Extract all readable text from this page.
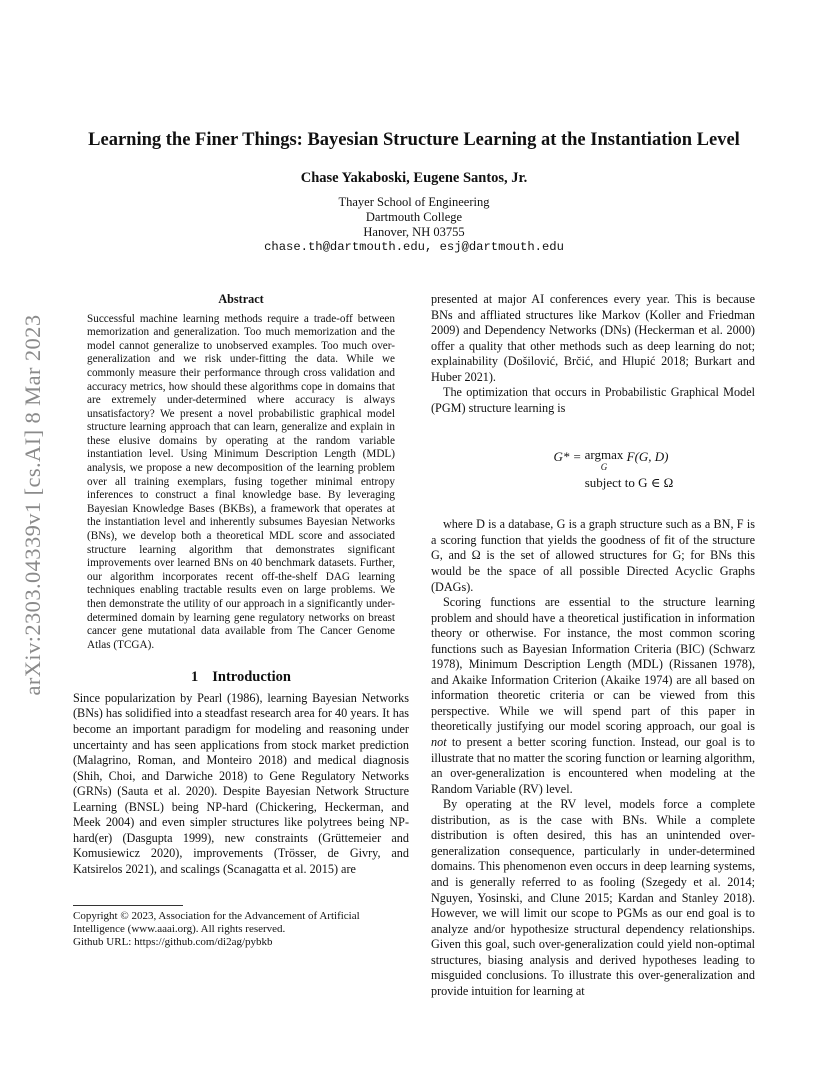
arXiv:2303.04339v1 [cs.AI] 8 Mar 2023
Learning the Finer Things: Bayesian Structure Learning at the Instantiation Level
Chase Yakaboski, Eugene Santos, Jr.
Thayer School of Engineering
Dartmouth College
Hanover, NH 03755
chase.th@dartmouth.edu, esj@dartmouth.edu
Abstract

Successful machine learning methods require a trade-off between memorization and generalization. Too much memorization and the model cannot generalize to unobserved examples. Too much over-generalization and we risk under-fitting the data. While we commonly measure their performance through cross validation and accuracy metrics, how should these algorithms cope in domains that are extremely under-determined where accuracy is always unsatisfactory? We present a novel probabilistic graphical model structure learning approach that can learn, generalize and explain in these elusive domains by operating at the random variable instantiation level. Using Minimum Description Length (MDL) analysis, we propose a new decomposition of the learning problem over all training exemplars, fusing together minimal entropy inferences to construct a final knowledge base. By leveraging Bayesian Knowledge Bases (BKBs), a framework that operates at the instantiation level and inherently subsumes Bayesian Networks (BNs), we develop both a theoretical MDL score and associated structure learning algorithm that demonstrates significant improvements over learned BNs on 40 benchmark datasets. Further, our algorithm incorporates recent off-the-shelf DAG learning techniques enabling tractable results even on large problems. We then demonstrate the utility of our approach in a significantly under-determined domain by learning gene regulatory networks on breast cancer gene mutational data available from The Cancer Genome Atlas (TCGA).

1 Introduction

Since popularization by Pearl (1986), learning Bayesian Networks (BNs) has solidified into a steadfast research area for 40 years. It has become an important paradigm for modeling and reasoning under uncertainty and has seen applications from stock market prediction (Malagrino, Roman, and Monteiro 2018) and medical diagnosis (Shih, Choi, and Darwiche 2018) to Gene Regulatory Networks (GRNs) (Sauta et al. 2020). Despite Bayesian Network Structure Learning (BNSL) being NP-hard (Chickering, Heckerman, and Meek 2004) and even simpler structures like polytrees being NP-hard(er) (Dasgupta 1999), new constraints (Grüttemeier and Komusiewicz 2020), improvements (Trösser, de Givry, and Katsirelos 2021), and scalings (Scanagatta et al. 2015) are

Copyright © 2023, Association for the Advancement of Artificial Intelligence (www.aaai.org). All rights reserved.
Github URL: https://github.com/di2ag/pybkb

presented at major AI conferences every year. This is because BNs and affliated structures like Markov (Koller and Friedman 2009) and Dependency Networks (DNs) (Heckerman et al. 2000) offer a quality that other methods such as deep learning do not; explainability (Došilović, Brčić, and Hlupić 2018; Burkart and Huber 2021).

The optimization that occurs in Probabilistic Graphical Model (PGM) structure learning is

G* = argmax
G
F(G, D)
subject to G ∈ Ω

where D is a database, G is a graph structure such as a BN, F is a scoring function that yields the goodness of fit of the structure G, and Ω is the set of allowed structures for G; for BNs this would be the space of all possible Directed Acyclic Graphs (DAGs).

Scoring functions are essential to the structure learning problem and should have a theoretical justification in information theory or otherwise. For instance, the most common scoring functions such as Bayesian Information Criteria (BIC) (Schwarz 1978), Minimum Description Length (MDL) (Rissanen 1978), and Akaike Information Criterion (Akaike 1974) are all based on information theoretic criteria or can be viewed from this perspective. While we will spend part of this paper in theoretically justifying our model scoring approach, our goal is not to present a better scoring function. Instead, our goal is to illustrate that no matter the scoring function or learning algorithm, an over-generalization is encountered when modeling at the Random Variable (RV) level.

By operating at the RV level, models force a complete distribution, as is the case with BNs. While a complete distribution is often desired, this has an unintended over-generalization consequence, particularly in under-determined domains. This phenomenon even occurs in deep learning systems, and is generally referred to as fooling (Szegedy et al. 2014; Nguyen, Yosinski, and Clune 2015; Kardan and Stanley 2018). However, we will limit our scope to PGMs as our end goal is to analyze and/or hypothesize structural dependency relationships. Given this goal, such over-generalization could yield non-optimal structures, biasing analysis and derived hypotheses leading to misguided conclusions. To illustrate this over-generalization and provide intuition for learning at
